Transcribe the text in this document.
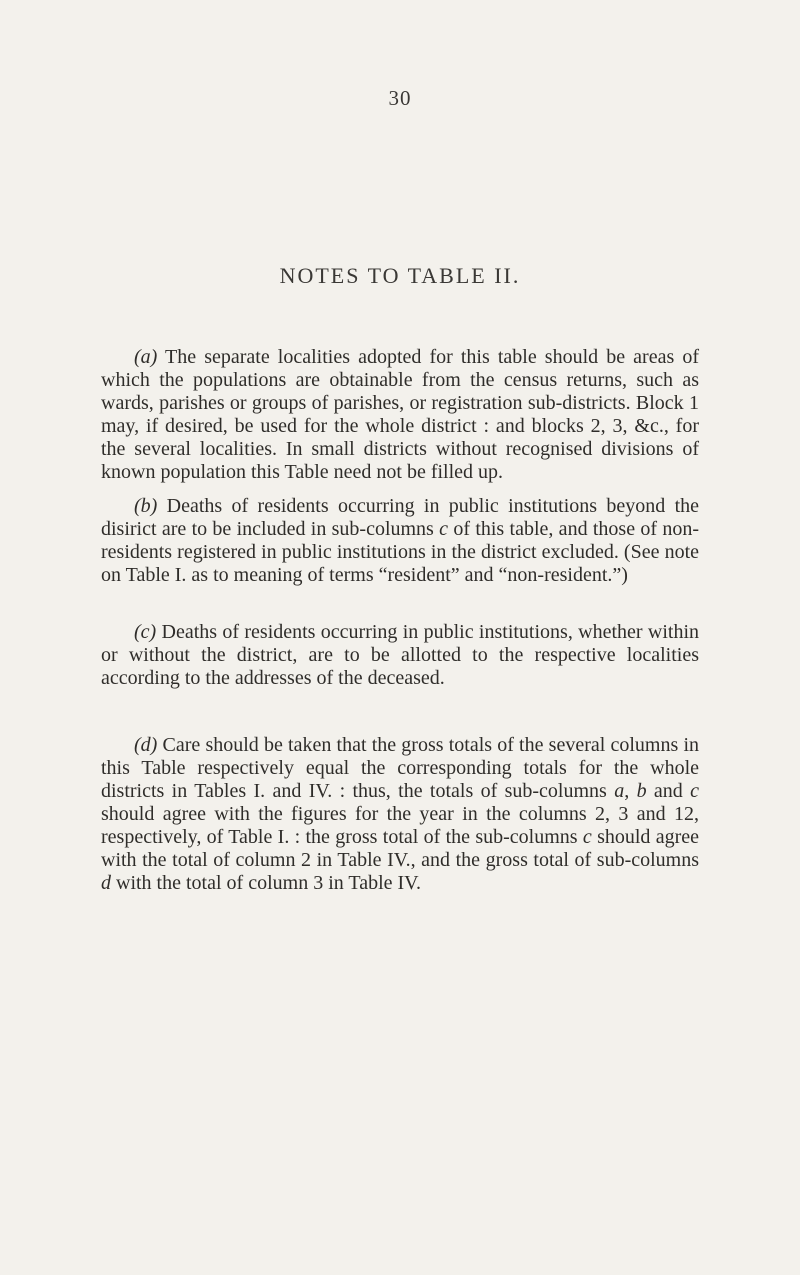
30
NOTES TO TABLE II.

(a) The separate localities adopted for this table should be areas of which the populations are obtainable from the census returns, such as wards, parishes or groups of parishes, or registration sub-districts. Block 1 may, if desired, be used for the whole district : and blocks 2, 3, &c., for the several localities. In small districts without recognised divisions of known population this Table need not be filled up.

(b) Deaths of residents occurring in public institutions beyond the disirict are to be included in sub-columns c of this table, and those of non-residents registered in public institutions in the district excluded. (See note on Table I. as to meaning of terms “resident” and “non-resident.”)

(c) Deaths of residents occurring in public institutions, whether within or without the district, are to be allotted to the respective localities according to the addresses of the deceased.

(d) Care should be taken that the gross totals of the several columns in this Table respectively equal the corresponding totals for the whole districts in Tables I. and IV. : thus, the totals of sub-columns a, b and c should agree with the figures for the year in the columns 2, 3 and 12, respectively, of Table I. : the gross total of the sub-columns c should agree with the total of column 2 in Table IV., and the gross total of sub-columns d with the total of column 3 in Table IV.
